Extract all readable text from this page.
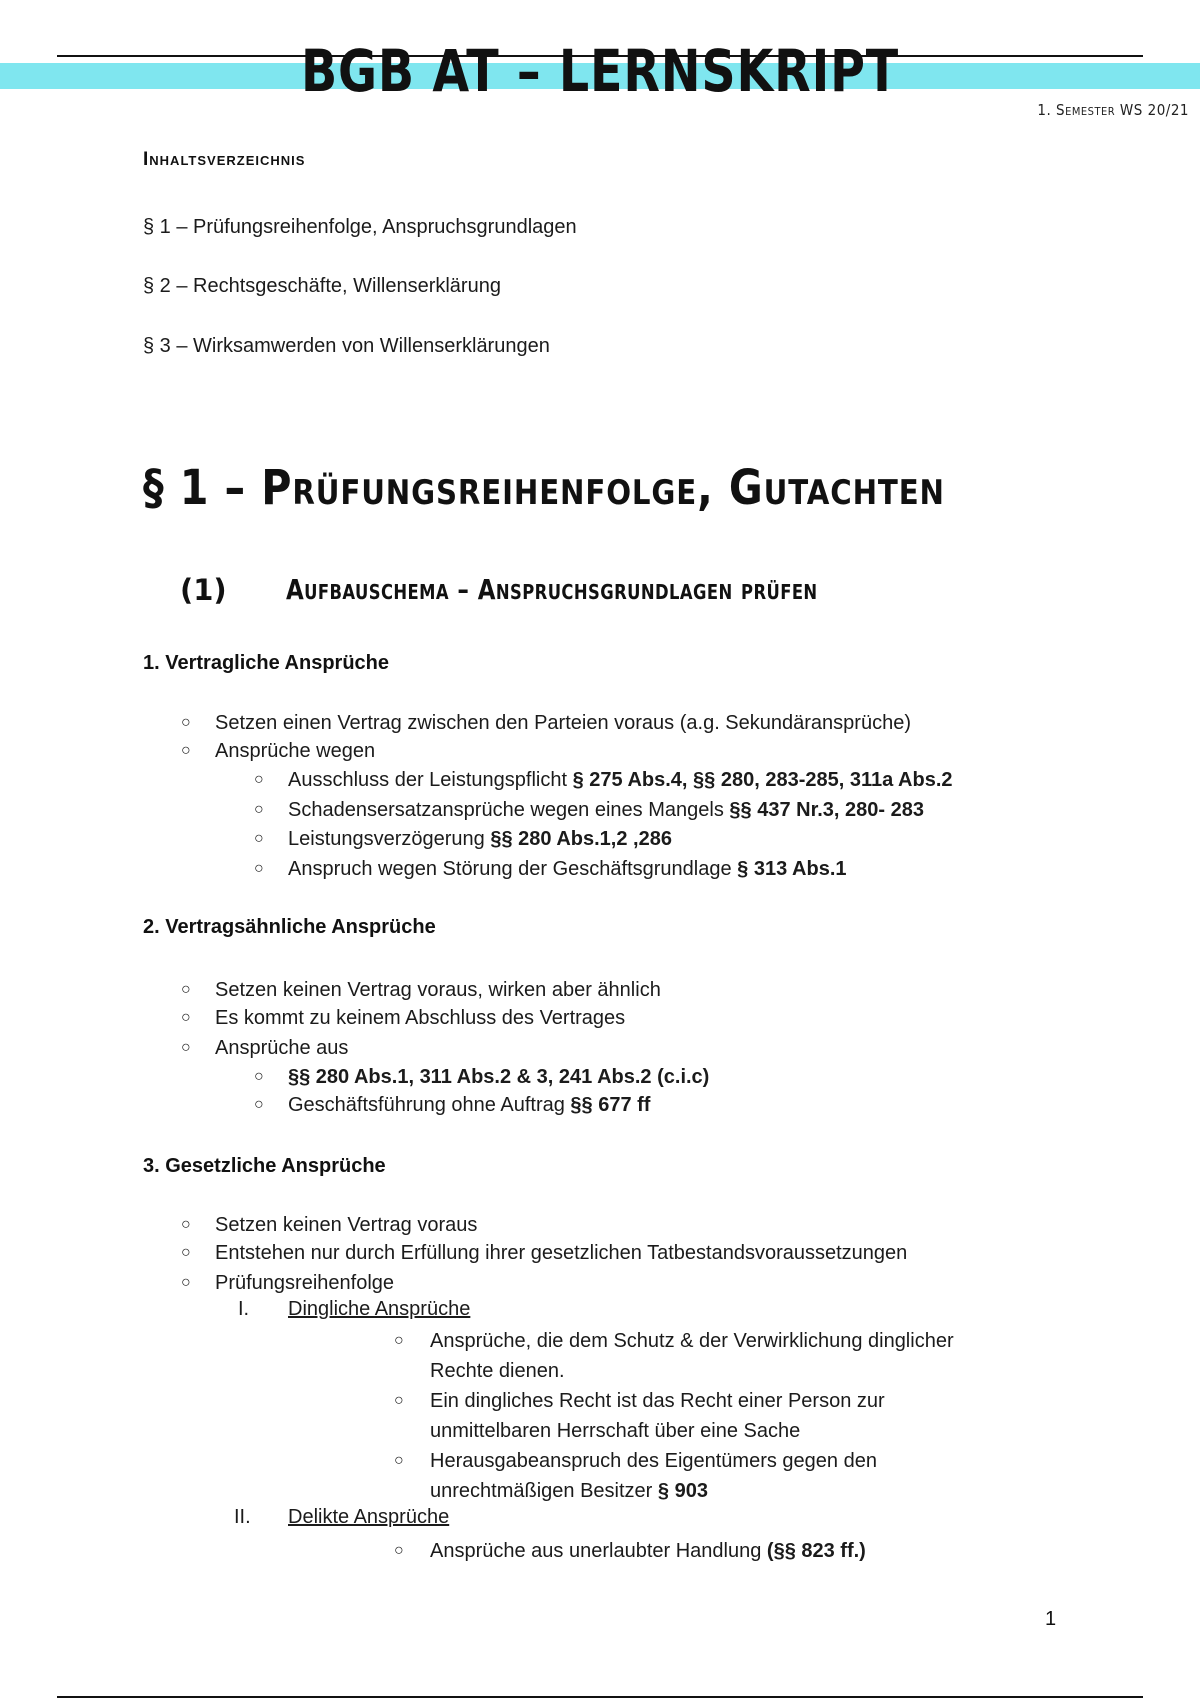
BGB AT – LERNSKRIPT
1. Semester WS 20/21
Inhaltsverzeichnis
§ 1 – Prüfungsreihenfolge, Anspruchsgrundlagen
§ 2 – Rechtsgeschäfte, Willenserklärung
§ 3 – Wirksamwerden von Willenserklärungen
§ 1 – Prüfungsreihenfolge, Gutachten
(1) Aufbauschema – Anspruchsgrundlagen prüfen
1. Vertragliche Ansprüche
○ Setzen einen Vertrag zwischen den Parteien voraus (a.g. Sekundäransprüche)
○ Ansprüche wegen
○ Ausschluss der Leistungspflicht § 275 Abs.4, §§ 280, 283-285, 311a Abs.2
○ Schadensersatzansprüche wegen eines Mangels §§ 437 Nr.3, 280- 283
○ Leistungsverzögerung §§ 280 Abs.1,2 ,286
○ Anspruch wegen Störung der Geschäftsgrundlage § 313 Abs.1
2. Vertragsähnliche Ansprüche
○ Setzen keinen Vertrag voraus, wirken aber ähnlich
○ Es kommt zu keinem Abschluss des Vertrages
○ Ansprüche aus
○ §§ 280 Abs.1, 311 Abs.2 & 3, 241 Abs.2 (c.i.c)
○ Geschäftsführung ohne Auftrag §§ 677 ff
3. Gesetzliche Ansprüche
○ Setzen keinen Vertrag voraus
○ Entstehen nur durch Erfüllung ihrer gesetzlichen Tatbestandsvoraussetzungen
○ Prüfungsreihenfolge
I. Dingliche Ansprüche
○ Ansprüche, die dem Schutz & der Verwirklichung dinglicher
Rechte dienen.
○ Ein dingliches Recht ist das Recht einer Person zur
unmittelbaren Herrschaft über eine Sache
○ Herausgabeanspruch des Eigentümers gegen den
unrechtmäßigen Besitzer § 903
II. Delikte Ansprüche
○ Ansprüche aus unerlaubter Handlung (§§ 823 ff.)
1
